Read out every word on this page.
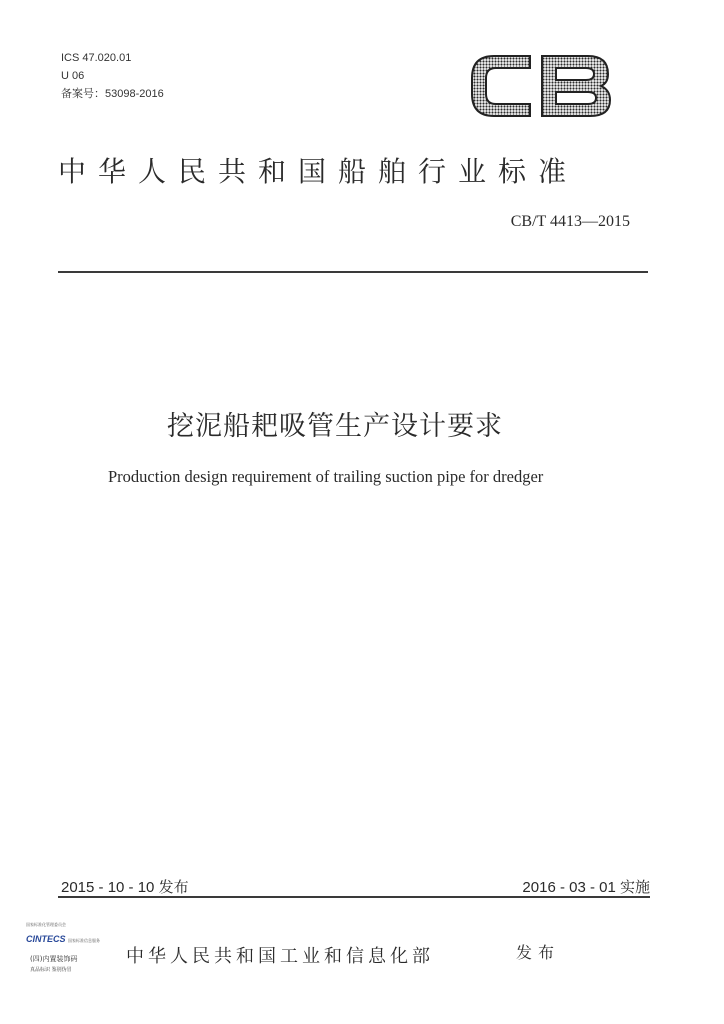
ICS 47.020.01
U 06
备案号：53098-2016
中华人民共和国船舶行业标准
CB/T 4413—2015
挖泥船耙吸管生产设计要求
Production design requirement of trailing suction pipe for dredger
2015 - 10 - 10 发布	2016 - 03 - 01 实施
国家标准化管理委员会
CINTECS 国家标准信息服务
(四)内置装饰码
真品标识 鉴别伪冒
中华人民共和国工业和信息化部	发布
